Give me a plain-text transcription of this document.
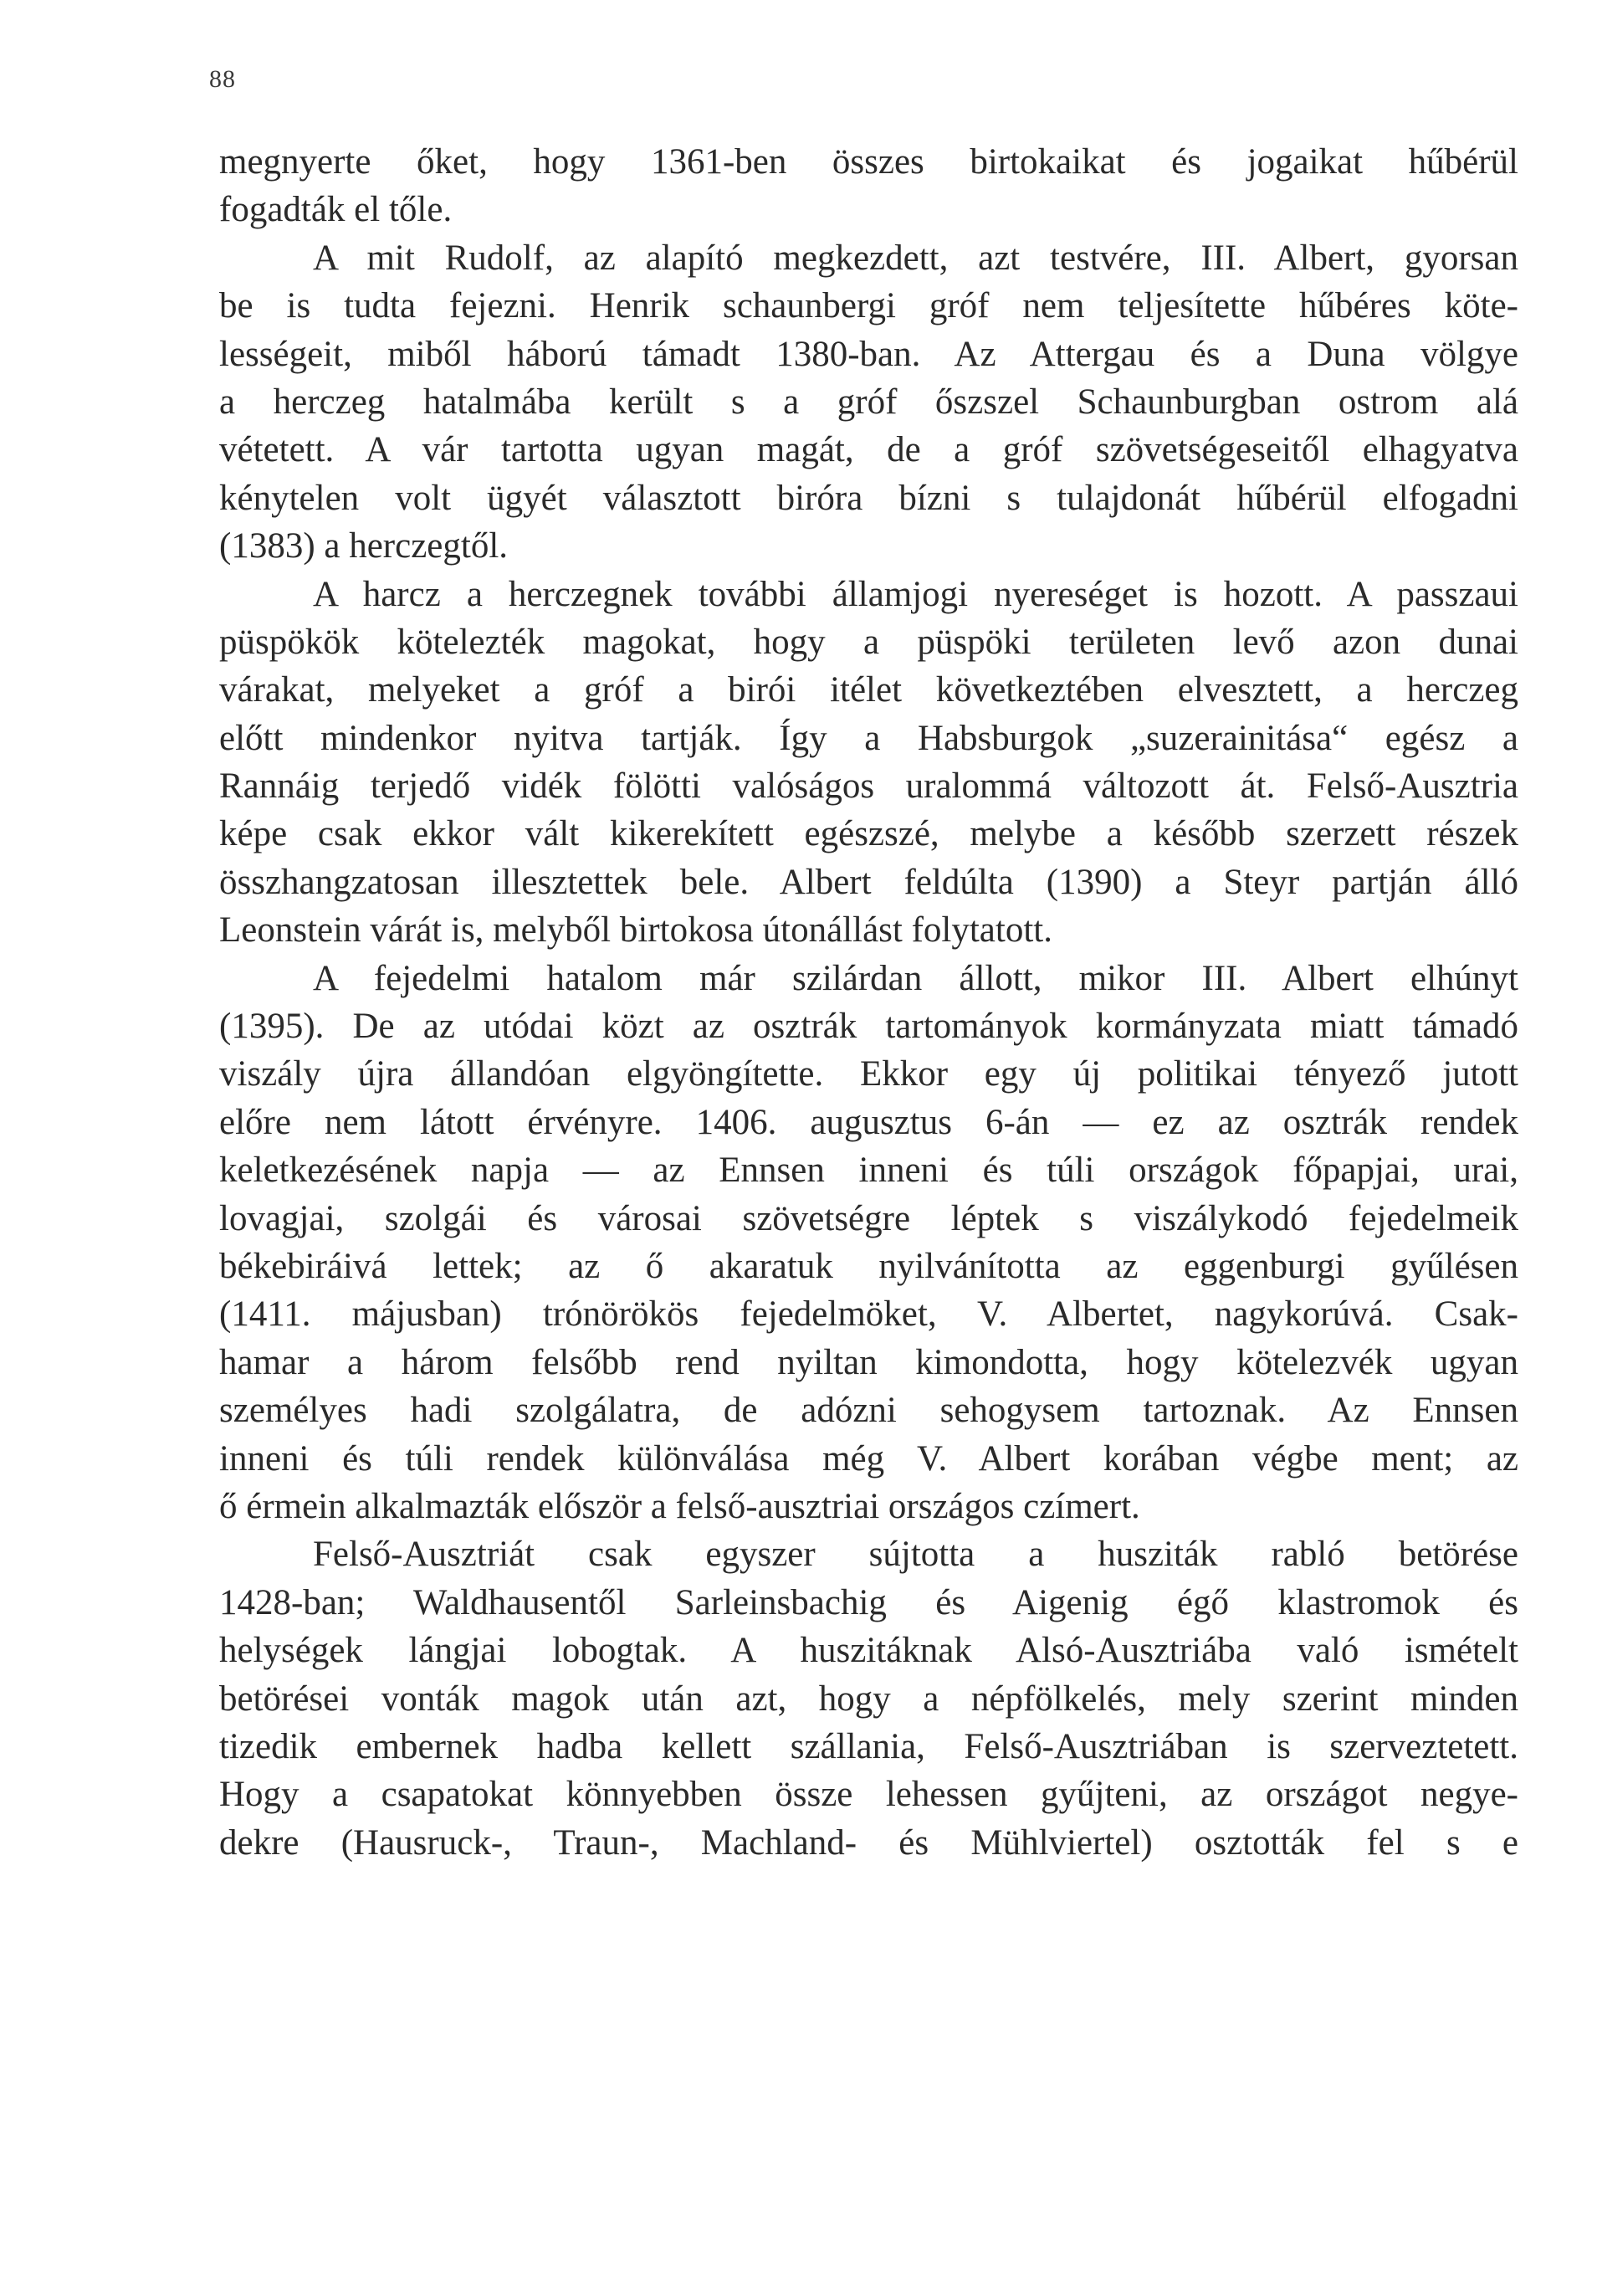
88
megnyerte őket, hogy 1361-ben összes birtokaikat és jogaikat hűbérül
fogadták el tőle.
A mit Rudolf, az alapító megkezdett, azt testvére, III. Albert, gyorsan
be is tudta fejezni. Henrik schaunbergi gróf nem teljesítette hűbéres köte-
lességeit, miből háború támadt 1380-ban. Az Attergau és a Duna völgye
a herczeg hatalmába került s a gróf őszszel Schaunburgban ostrom alá
vétetett. A vár tartotta ugyan magát, de a gróf szövetségeseitől elhagyatva
kénytelen volt ügyét választott biróra bízni s tulajdonát hűbérül elfogadni
(1383) a herczegtől.
A harcz a herczegnek további államjogi nyereséget is hozott. A passzaui
püspökök kötelezték magokat, hogy a püspöki területen levő azon dunai
várakat, melyeket a gróf a birói itélet következtében elvesztett, a herczeg
előtt mindenkor nyitva tartják. Így a Habsburgok „suzerainitása“ egész a
Rannáig terjedő vidék fölötti valóságos uralommá változott át. Felső-Ausztria
képe csak ekkor vált kikerekített egészszé, melybe a később szerzett részek
összhangzatosan illesztettek bele. Albert feldúlta (1390) a Steyr partján álló
Leonstein várát is, melyből birtokosa útonállást folytatott.
A fejedelmi hatalom már szilárdan állott, mikor III. Albert elhúnyt
(1395). De az utódai közt az osztrák tartományok kormányzata miatt támadó
viszály újra állandóan elgyöngítette. Ekkor egy új politikai tényező jutott
előre nem látott érvényre. 1406. augusztus 6-án — ez az osztrák rendek
keletkezésének napja — az Ennsen inneni és túli országok főpapjai, urai,
lovagjai, szolgái és városai szövetségre léptek s viszálykodó fejedelmeik
békebiráivá lettek; az ő akaratuk nyilvánította az eggenburgi gyűlésen
(1411. májusban) trónörökös fejedelmöket, V. Albertet, nagykorúvá. Csak-
hamar a három felsőbb rend nyiltan kimondotta, hogy kötelezvék ugyan
személyes hadi szolgálatra, de adózni sehogysem tartoznak. Az Ennsen
inneni és túli rendek különválása még V. Albert korában végbe ment; az
ő érmein alkalmazták először a felső-ausztriai országos czímert.
Felső-Ausztriát csak egyszer sújtotta a husziták rabló betörése
1428-ban; Waldhausentől Sarleinsbachig és Aigenig égő klastromok és
helységek lángjai lobogtak. A huszitáknak Alsó-Ausztriába való ismételt
betörései vonták magok után azt, hogy a népfölkelés, mely szerint minden
tizedik embernek hadba kellett szállania, Felső-Ausztriában is szerveztetett.
Hogy a csapatokat könnyebben össze lehessen gyűjteni, az országot negye-
dekre (Hausruck-, Traun-, Machland- és Mühlviertel) osztották fel s e
